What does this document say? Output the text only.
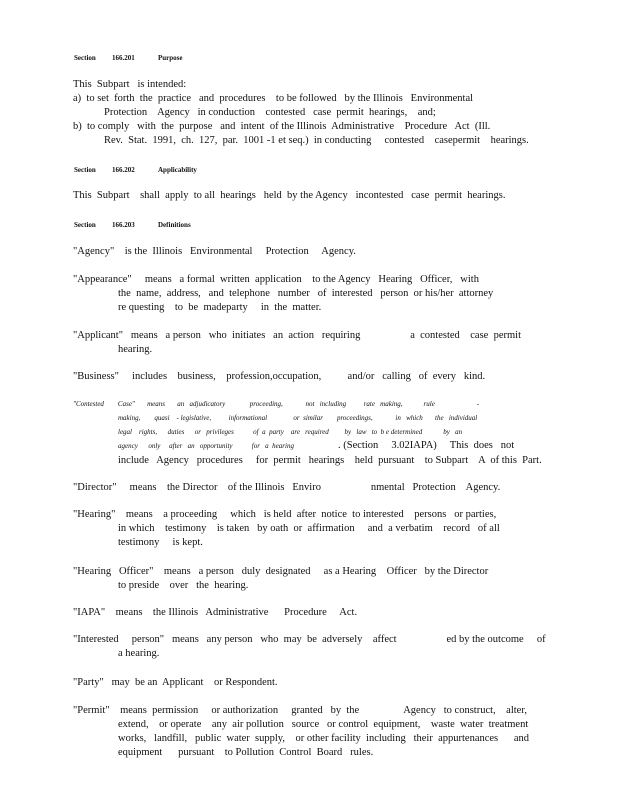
Section 166.201	Purpose
This  Subpart   is intended:
a)  to set  forth  the  practice   and  procedures    to be followed   by the Illinois   Environmental
Protection    Agency   in conduction    contested   case  permit  hearings,    and;
b)  to comply   with  the  purpose   and  intent  of the Illinois  Administrative    Procedure   Act  (Ill.
Rev.  Stat.  1991,  ch.  127,  par.  1001 -1 et seq.)  in conducting     contested    casepermit    hearings.
Section 166.202	Applicability
This  Subpart    shall  apply  to all  hearings   held  by the Agency   incontested   case  permit  hearings.
Section 166.203	Definitions
"Agency"    is the  Illinois   Environmental     Protection     Agency.
"Appearance"     means   a formal  written  application    to the Agency   Hearing   Officer,   with
the  name,  address,   and  telephone   number   of  interested   person  or his/her  attorney
re questing    to  be  madeparty     in  the  matter.
"Applicant"   means   a person   who  initiates   an  action   requiring                   a  contested    case  permit
hearing.
"Business"     includes    business,    profession,occupation,          and/or   calling   of  every   kind.
"Contested        Case"       means       an   adjudicatory              proceeding,             not   including          rate   making,            rule                        -
making,        quasi    - legislative,          informational               or  similar        proceedings,             in   which       the   individual
legal    rights,      duties      or   privileges           of  a  party    are   required         by   law   to  b e determined            by   an
agency      only     after   an   opportunity           for   a  hearing	. (Section     3.02IAPA)     This  does   not
include   Agency   procedures     for  permit   hearings    held  pursuant    to Subpart    A  of this  Part.
"Director"     means    the Director    of the Illinois   Enviro                   nmental   Protection    Agency.
"Hearing"    means    a proceeding     which   is held  after  notice  to interested    persons   or parties,
in which    testimony    is taken   by oath  or  affirmation     and  a verbatim    record   of all
testimony     is kept.
"Hearing   Officer"    means   a person   duly  designated     as a Hearing    Officer   by the Director
to preside    over   the  hearing.
"IAPA"    means    the Illinois   Administrative      Procedure     Act.
"Interested     person"   means   any person   who  may  be  adversely    affect                   ed by the outcome     of
a hearing.
"Party"   may  be an  Applicant    or Respondent.
"Permit"    means  permission     or authorization     granted   by  the                 Agency   to construct,    alter,
extend,    or operate    any  air pollution   source   or control  equipment,    waste  water  treatment
works,   landfill,   public  water  supply,    or other facility  including   their  appurtenances      and
equipment      pursuant    to Pollution  Control  Board   rules.
